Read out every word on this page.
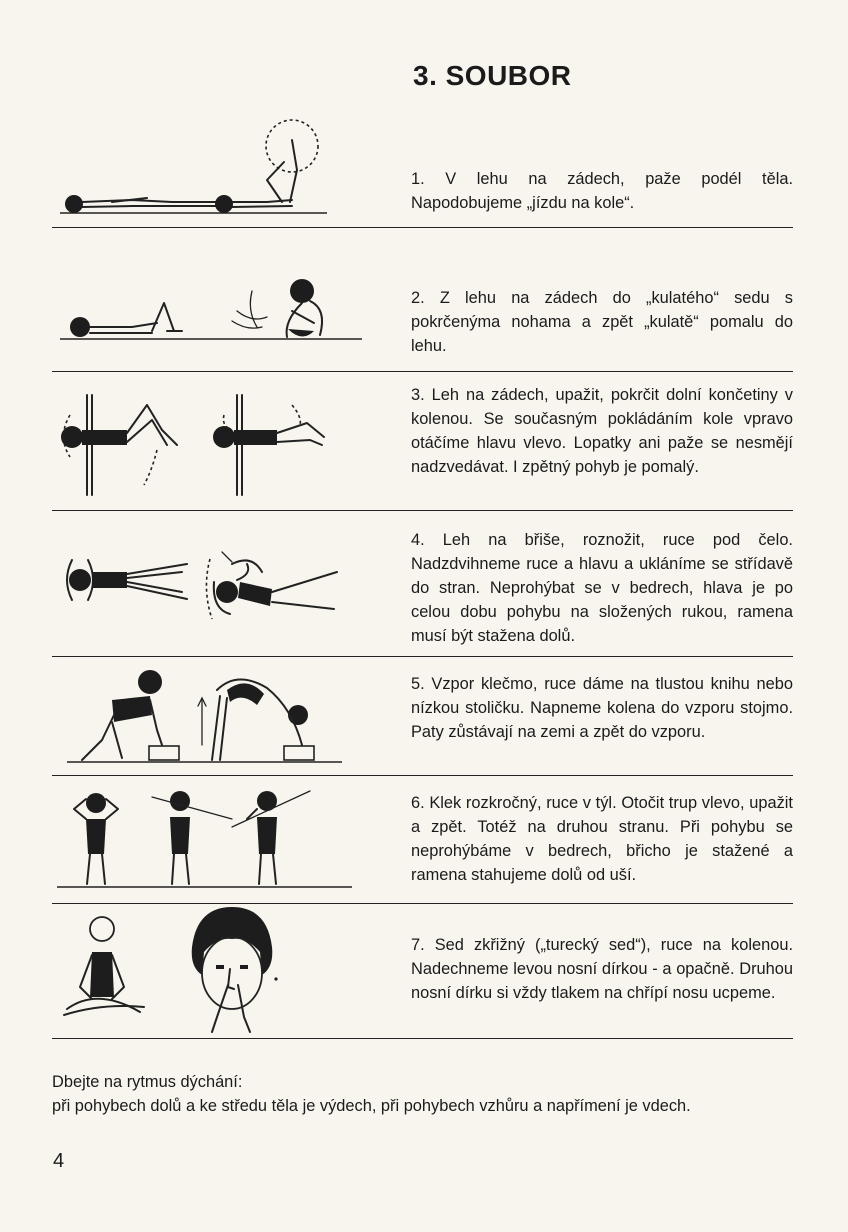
3. SOUBOR
1. V lehu na zádech, paže podél těla. Napodobujeme „jízdu na kole“.
2. Z lehu na zádech do „kulatého“ sedu s pokrčenýma nohama a zpět „kulatě“ pomalu do lehu.
3. Leh na zádech, upažit, pokrčit dolní končetiny v kolenou. Se současným pokládáním kole vpravo otáčíme hlavu vlevo. Lopatky ani paže se nesmějí nadzvedávat. I zpětný pohyb je pomalý.
4. Leh na břiše, roznožit, ruce pod čelo. Nadzdvihneme ruce a hlavu a ukláníme se střídavě do stran. Neprohýbat se v bedrech, hlava je po celou dobu pohybu na složených rukou, ramena musí být stažena dolů.
5. Vzpor klečmo, ruce dáme na tlustou knihu nebo nízkou stoličku. Napneme kolena do vzporu stojmo. Paty zůstávají na zemi a zpět do vzporu.
6. Klek rozkročný, ruce v týl. Otočit trup vlevo, upažit a zpět. Totéž na druhou stranu. Při pohybu se neprohýbáme v bedrech, břicho je stažené a ramena stahujeme dolů od uší.
7. Sed zkřižný („turecký sed“), ruce na kolenou. Nadechneme levou nosní dírkou - a opačně. Druhou nosní dírku si vždy tlakem na chřípí nosu ucpeme.
Dbejte na rytmus dýchání:
při pohybech dolů a ke středu těla je výdech, při pohybech vzhůru a napřímení je vdech.
4
